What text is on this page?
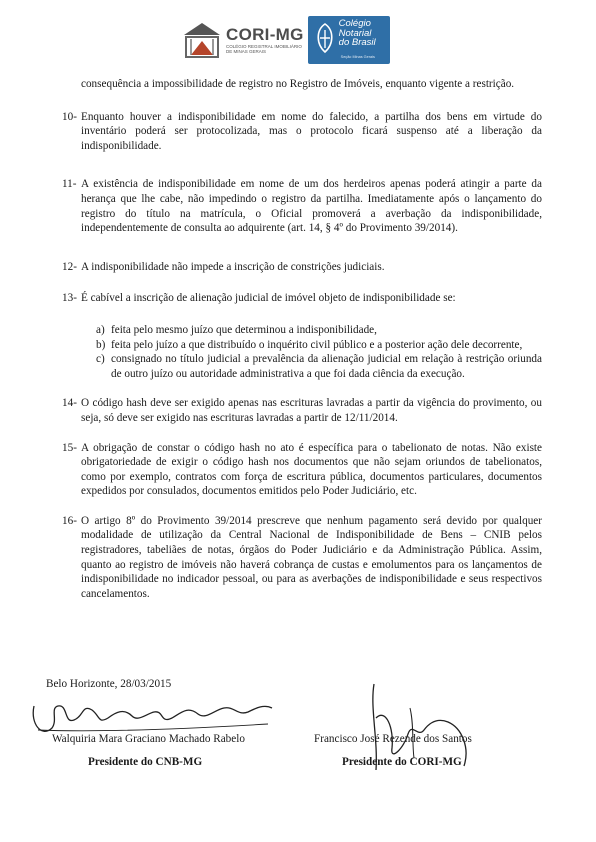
CORI-MG
COLÉGIO REGISTRAL IMOBILIÁRIO
DE MINAS GERAIS
Colégio
Notarial
do Brasil
Seção Minas Gerais

consequência a impossibilidade de registro no Registro de Imóveis, enquanto vigente a restrição.

10- Enquanto houver a indisponibilidade em nome do falecido, a partilha dos bens em virtude do inventário poderá ser protocolizada, mas o protocolo ficará suspenso até a liberação da indisponibilidade.
11- A existência de indisponibilidade em nome de um dos herdeiros apenas poderá atingir a parte da herança que lhe cabe, não impedindo o registro da partilha. Imediatamente após o lançamento do registro do título na matrícula, o Oficial promoverá a averbação da indisponibilidade, independentemente de consulta ao adquirente (art. 14, § 4º do Provimento 39/2014).
12- A indisponibilidade não impede a inscrição de constrições judiciais.
13- É cabível a inscrição de alienação judicial de imóvel objeto de indisponibilidade se:
a) feita pelo mesmo juízo que determinou a indisponibilidade,
b) feita pelo juízo a que distribuído o inquérito civil público e a posterior ação dele decorrente,
c) consignado no título judicial a prevalência da alienação judicial em relação à restrição oriunda de outro juízo ou autoridade administrativa a que foi dada ciência da execução.
14- O código hash deve ser exigido apenas nas escrituras lavradas a partir da vigência do provimento, ou seja, só deve ser exigido nas escrituras lavradas a partir de 12/11/2014.
15- A obrigação de constar o código hash no ato é específica para o tabelionato de notas. Não existe obrigatoriedade de exigir o código hash nos documentos que não sejam oriundos de tabelionatos, como por exemplo, contratos com força de escritura pública, documentos particulares, documentos expedidos por consulados, documentos emitidos pelo Poder Judiciário, etc.
16- O artigo 8º do Provimento 39/2014 prescreve que nenhum pagamento será devido por qualquer modalidade de utilização da Central Nacional de Indisponibilidade de Bens – CNIB pelos registradores, tabeliães de notas, órgãos do Poder Judiciário e da Administração Pública. Assim, quanto ao registro de imóveis não haverá cobrança de custas e emolumentos para os lançamentos de indisponibilidade no indicador pessoal, ou para as averbações de indisponibilidade e seus respectivos cancelamentos.
Belo Horizonte, 28/03/2015
Walquiria Mara Graciano Machado Rabelo
Presidente do CNB-MG
Francisco José Rezende dos Santos
Presidente do CORI-MG
